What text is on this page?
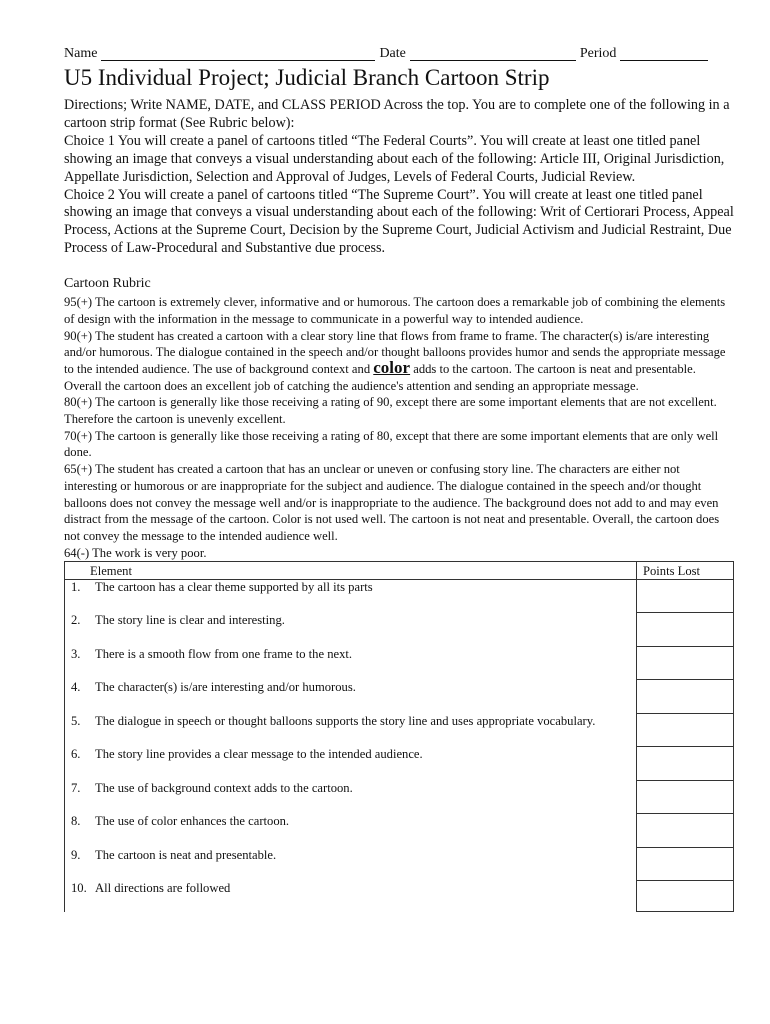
Name	Date	Period
U5 Individual Project; Judicial Branch Cartoon Strip

Directions; Write NAME, DATE, and CLASS PERIOD Across the top. You are to complete one of the following in a cartoon strip format (See Rubric below):

Choice 1 You will create a panel of cartoons titled “The Federal Courts”. You will create at least one titled panel showing an image that conveys a visual understanding about each of the following: Article III, Original Jurisdiction, Appellate Jurisdiction, Selection and Approval of Judges, Levels of Federal Courts, Judicial Review.

Choice 2 You will create a panel of cartoons titled “The Supreme Court”. You will create at least one titled panel showing an image that conveys a visual understanding about each of the following: Writ of Certiorari Process, Appeal Process, Actions at the Supreme Court, Decision by the Supreme Court, Judicial Activism and Judicial Restraint, Due Process of Law-Procedural and Substantive due process.

Cartoon Rubric

95(+) The cartoon is extremely clever, informative and or humorous. The cartoon does a remarkable job of combining the elements of design with the information in the message to communicate in a powerful way to intended audience.

90(+) The student has created a cartoon with a clear story line that flows from frame to frame. The character(s) is/are interesting and/or humorous. The dialogue contained in the speech and/or thought balloons provides humor and sends the appropriate message to the intended audience. The use of background context and color adds to the cartoon. The cartoon is neat and presentable. Overall the cartoon does an excellent job of catching the audience's attention and sending an appropriate message.

80(+) The cartoon is generally like those receiving a rating of 90, except there are some important elements that are not excellent. Therefore the cartoon is unevenly excellent.

70(+) The cartoon is generally like those receiving a rating of 80, except that there are some important elements that are only well done.

65(+) The student has created a cartoon that has an unclear or uneven or confusing story line. The characters are either not interesting or humorous or are inappropriate for the subject and audience. The dialogue contained in the speech and/or thought balloons does not convey the message well and/or is inappropriate to the audience. The background does not add to and may even distract from the message of the cartoon. Color is not used well. The cartoon is not neat and presentable. Overall, the cartoon does not convey the message to the intended audience well.

64(-) The work is very poor.

Element	Points Lost

1. The cartoon has a clear theme supported by all its parts	

2. The story line is clear and interesting.	

3. There is a smooth flow from one frame to the next.	

4. The character(s) is/are interesting and/or humorous.	

5. The dialogue in speech or thought balloons supports the story line and uses appropriate vocabulary.	

6. The story line provides a clear message to the intended audience.	

7. The use of background context adds to the cartoon.	

8. The use of color enhances the cartoon.	

9. The cartoon is neat and presentable.	

10. All directions are followed	
